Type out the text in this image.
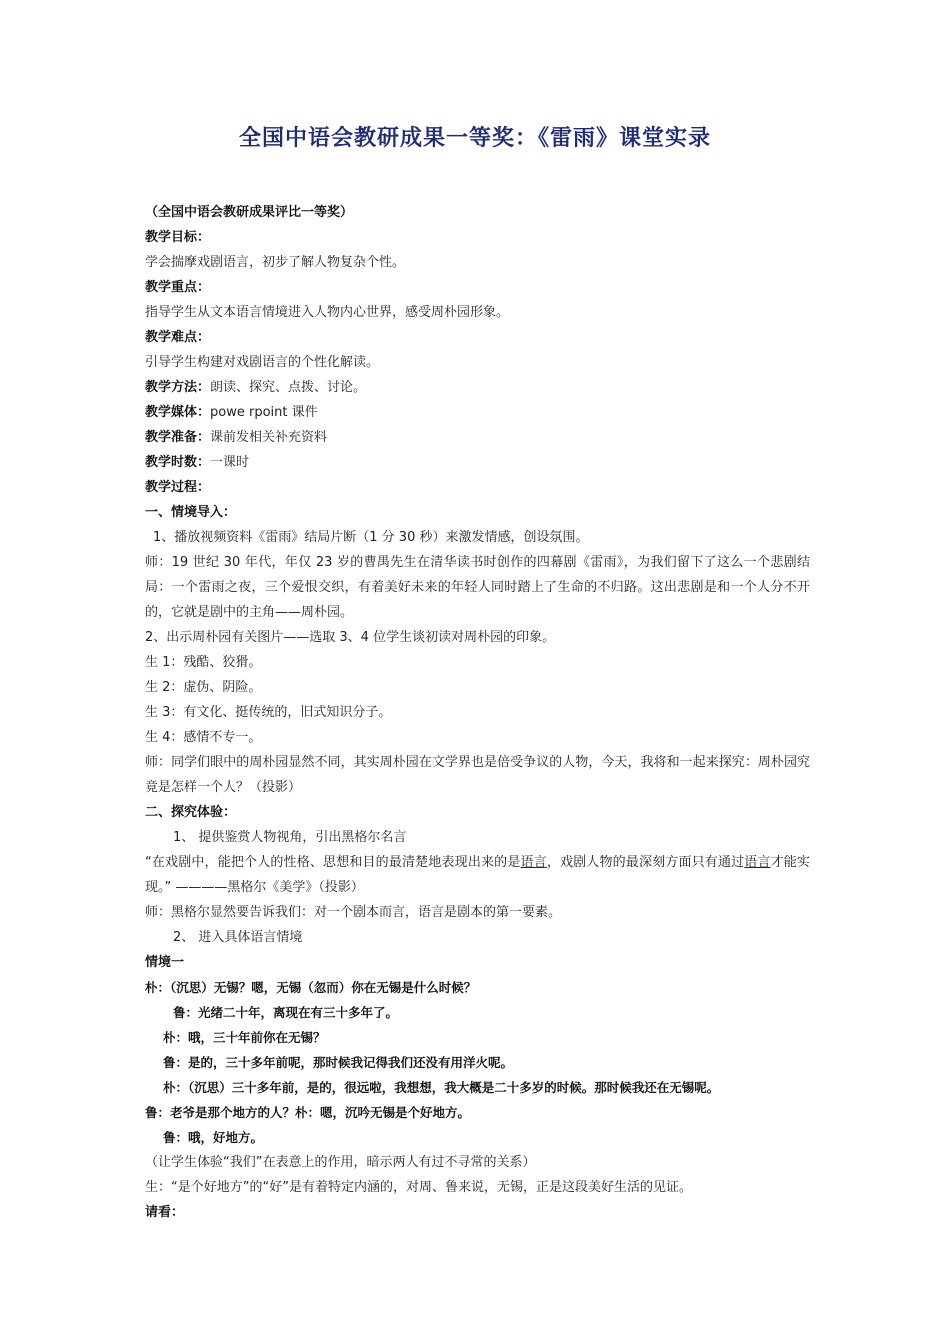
全国中语会教研成果一等奖：《雷雨》课堂实录
（全国中语会教研成果评比一等奖）
教学目标：
学会揣摩戏剧语言，初步了解人物复杂个性。
教学重点：
指导学生从文本语言情境进入人物内心世界，感受周朴园形象。
教学难点：
引导学生构建对戏剧语言的个性化解读。
教学方法：朗读、探究、点拨、讨论。
教学媒体：powe rpoint 课件
教学准备：课前发相关补充资料
教学时数：一课时
教学过程：
一、情境导入：
1、播放视频资料《雷雨》结局片断（1 分 30 秒）来激发情感，创设氛围。
师：19 世纪 30 年代，年仅 23 岁的曹禺先生在清华读书时创作的四幕剧《雷雨》，为我们留下了这么一个悲剧结局：一个雷雨之夜，三个爱恨交织，有着美好未来的年轻人同时踏上了生命的不归路。这出悲剧是和一个人分不开的，它就是剧中的主角——周朴园。
2、出示周朴园有关图片——选取 3、4 位学生谈初读对周朴园的印象。
生 1：残酷、狡猾。
生 2：虚伪、阴险。
生 3：有文化、挺传统的，旧式知识分子。
生 4：感情不专一。
师：同学们眼中的周朴园显然不同，其实周朴园在文学界也是倍受争议的人物，今天，我将和一起来探究：周朴园究竟是怎样一个人？（投影）
二、探究体验：
1、 提供鉴赏人物视角，引出黑格尔名言
“在戏剧中，能把个人的性格、思想和目的最清楚地表现出来的是语言，戏剧人物的最深刻方面只有通过语言才能实现。” ————黑格尔《美学》（投影）
师：黑格尔显然要告诉我们：对一个剧本而言，语言是剧本的第一要素。
2、 进入具体语言情境
情境一
朴：（沉思）无锡？嗯，无锡（忽而）你在无锡是什么时候？
鲁：光绪二十年，离现在有三十多年了。
朴：哦，三十年前你在无锡？
鲁：是的，三十多年前呢，那时候我记得我们还没有用洋火呢。
朴：（沉思）三十多年前，是的，很远啦，我想想，我大概是二十多岁的时候。那时候我还在无锡呢。
鲁：老爷是那个地方的人？朴：嗯，沉吟无锡是个好地方。
鲁：哦，好地方。
（让学生体验“我们”在表意上的作用，暗示两人有过不寻常的关系）
生：“是个好地方”的“好”是有着特定内涵的，对周、鲁来说，无锡，正是这段美好生活的见证。
请看：
